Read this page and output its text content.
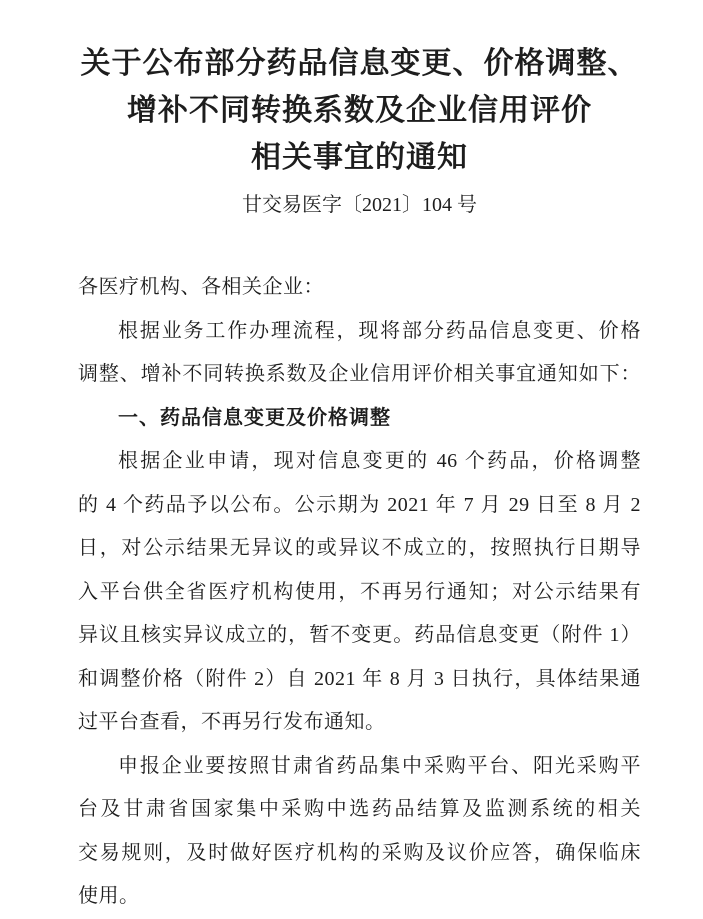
关于公布部分药品信息变更、价格调整、
增补不同转换系数及企业信用评价
相关事宜的通知
甘交易医字〔2021〕104 号
各医疗机构、各相关企业：
根据业务工作办理流程，现将部分药品信息变更、价格
调整、增补不同转换系数及企业信用评价相关事宜通知如下：
一、药品信息变更及价格调整
根据企业申请，现对信息变更的 46 个药品，价格调整
的 4 个药品予以公布。公示期为 2021 年 7 月 29 日至 8 月 2
日，对公示结果无异议的或异议不成立的，按照执行日期导
入平台供全省医疗机构使用，不再另行通知；对公示结果有
异议且核实异议成立的，暂不变更。药品信息变更（附件 1）
和调整价格（附件 2）自 2021 年 8 月 3 日执行，具体结果通
过平台查看，不再另行发布通知。
申报企业要按照甘肃省药品集中采购平台、阳光采购平
台及甘肃省国家集中采购中选药品结算及监测系统的相关
交易规则，及时做好医疗机构的采购及议价应答，确保临床
使用。
